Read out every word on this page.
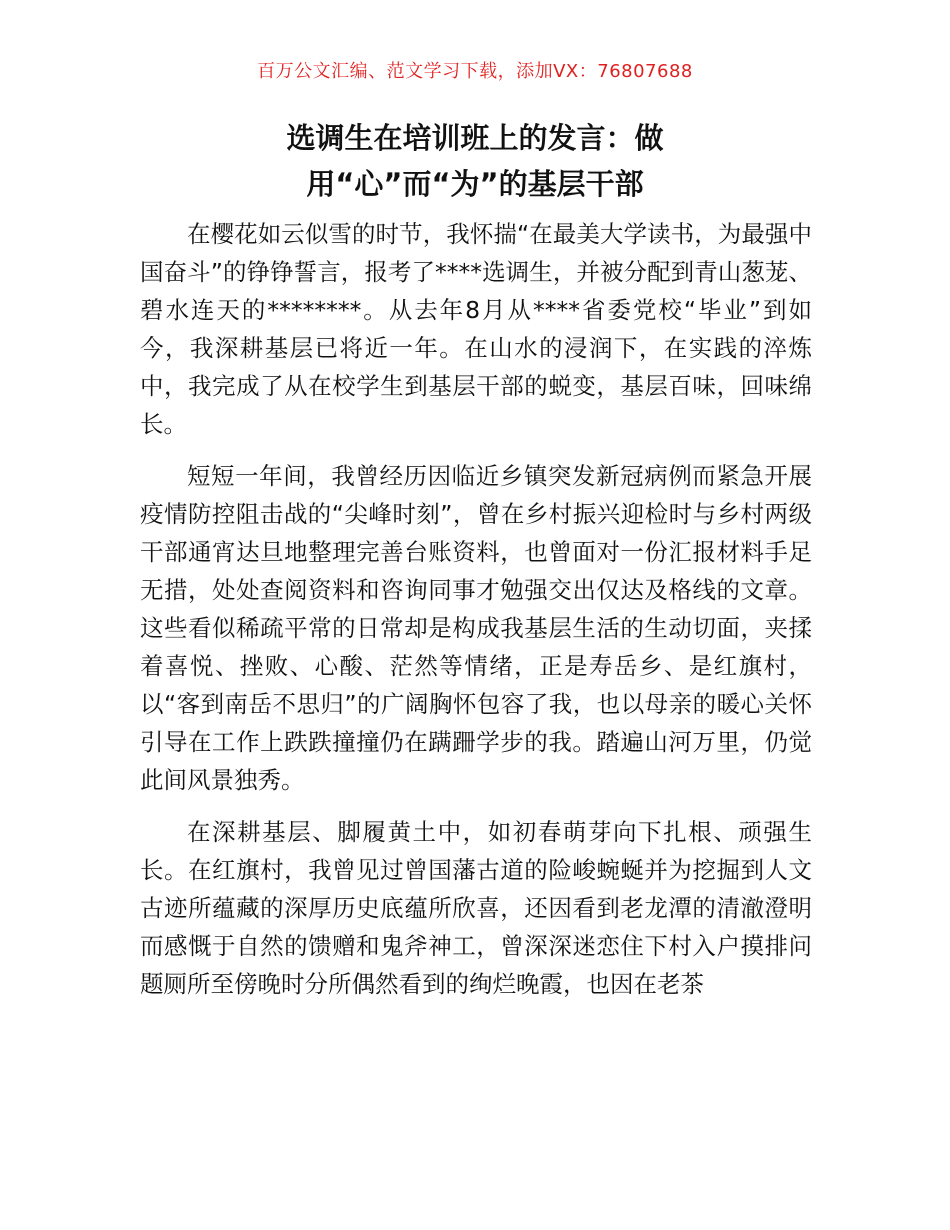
百万公文汇编、范文学习下载，添加VX：76807688
选调生在培训班上的发言：做
用“心”而“为”的基层干部

在樱花如云似雪的时节，我怀揣“在最美大学读书，为最强中国奋斗”的铮铮誓言，报考了****选调生，并被分配到青山葱茏、碧水连天的********。从去年8月从****省委党校“毕业”到如今，我深耕基层已将近一年。在山水的浸润下，在实践的淬炼中，我完成了从在校学生到基层干部的蜕变，基层百味，回味绵长。

短短一年间，我曾经历因临近乡镇突发新冠病例而紧急开展疫情防控阻击战的“尖峰时刻”，曾在乡村振兴迎检时与乡村两级干部通宵达旦地整理完善台账资料，也曾面对一份汇报材料手足无措，处处查阅资料和咨询同事才勉强交出仅达及格线的文章。这些看似稀疏平常的日常却是构成我基层生活的生动切面，夹揉着喜悦、挫败、心酸、茫然等情绪，正是寿岳乡、是红旗村，以“客到南岳不思归”的广阔胸怀包容了我，也以母亲的暖心关怀引导在工作上跌跌撞撞仍在蹒跚学步的我。踏遍山河万里，仍觉此间风景独秀。

在深耕基层、脚履黄土中，如初春萌芽向下扎根、顽强生长。在红旗村，我曾见过曾国藩古道的险峻蜿蜒并为挖掘到人文古迹所蕴藏的深厚历史底蕴所欣喜，还因看到老龙潭的清澈澄明而感慨于自然的馈赠和鬼斧神工，曾深深迷恋住下村入户摸排问题厕所至傍晚时分所偶然看到的绚烂晚霞，也因在老茶
